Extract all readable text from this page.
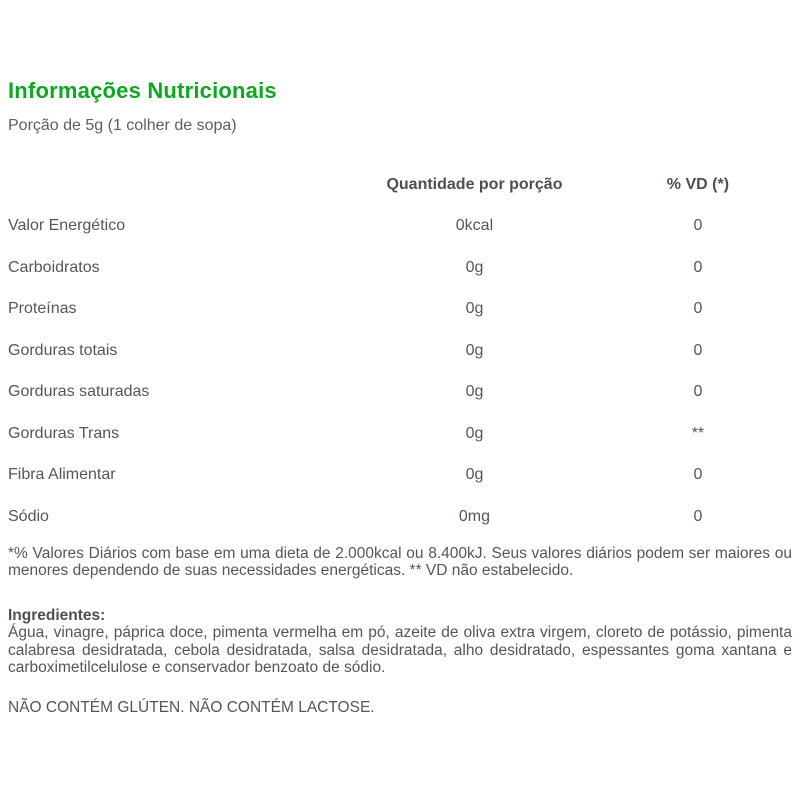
Informações Nutricionais

Porção de 5g (1 colher de sopa)

	Quantidade por porção	% VD (*)
Valor Energético	0kcal	0
Carboidratos	0g	0
Proteínas	0g	0
Gorduras totais	0g	0
Gorduras saturadas	0g	0
Gorduras Trans	0g	**
Fibra Alimentar	0g	0
Sódio	0mg	0

*% Valores Diários com base em uma dieta de 2.000kcal ou 8.400kJ. Seus valores diários podem ser maiores ou menores dependendo de suas necessidades energéticas. ** VD não estabelecido.

Ingredientes:
Água, vinagre, páprica doce, pimenta vermelha em pó, azeite de oliva extra virgem, cloreto de potássio, pimenta calabresa desidratada, cebola desidratada, salsa desidratada, alho desidratado, espessantes goma xantana e carboximetilcelulose e conservador benzoato de sódio.

NÃO CONTÉM GLÚTEN. NÃO CONTÉM LACTOSE.
